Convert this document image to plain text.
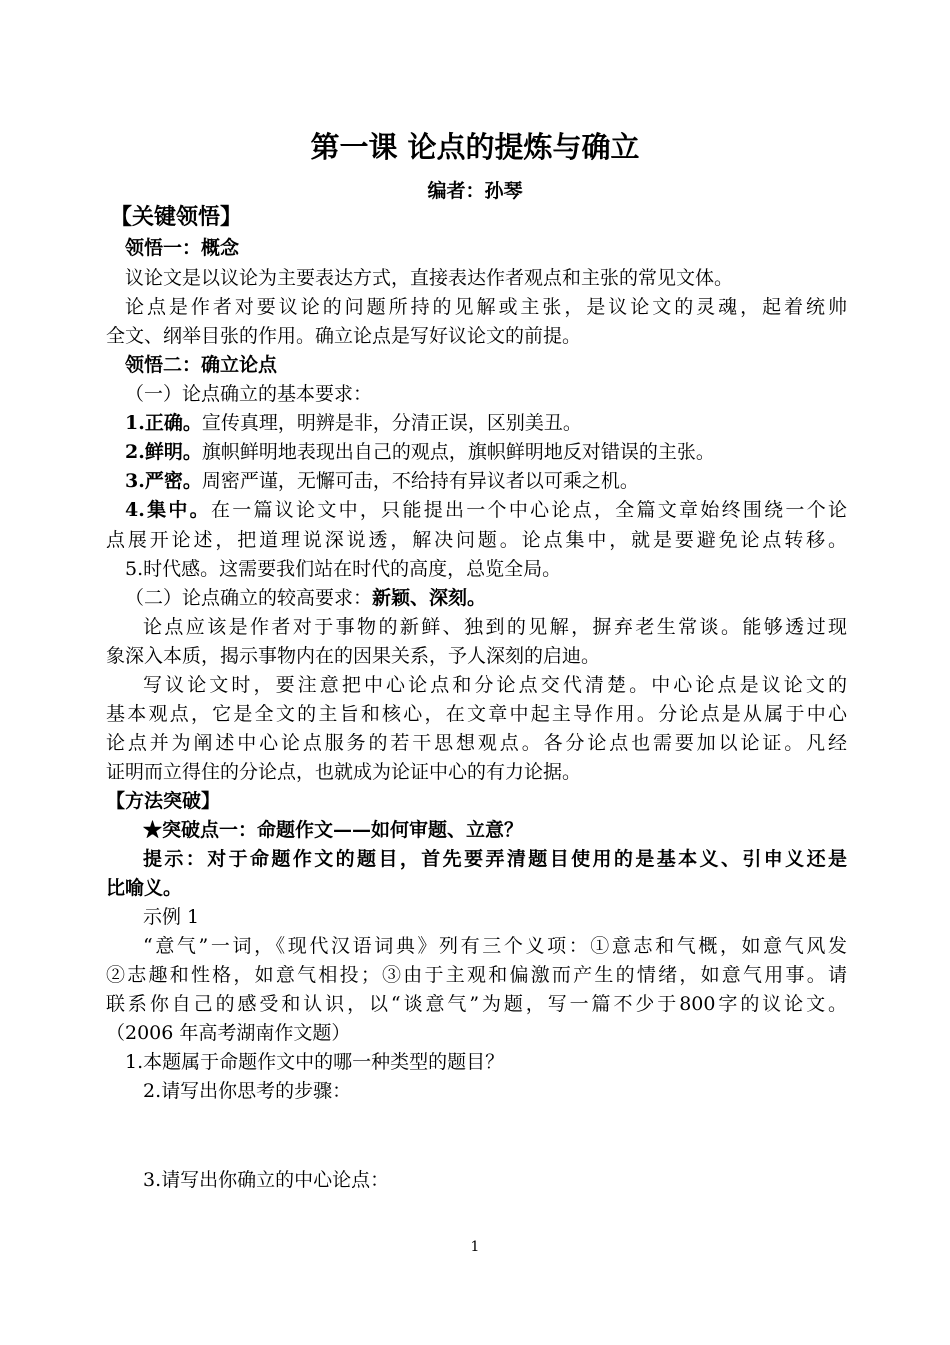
第一课 论点的提炼与确立
编者：孙琴
【关键领悟】
领悟一：概念
议论文是以议论为主要表达方式，直接表达作者观点和主张的常见文体。
论点是作者对要议论的问题所持的见解或主张，是议论文的灵魂，起着统帅
全文、纲举目张的作用。确立论点是写好议论文的前提。
领悟二：确立论点
（一）论点确立的基本要求：
1.正确。宣传真理，明辨是非，分清正误，区别美丑。
2.鲜明。旗帜鲜明地表现出自己的观点，旗帜鲜明地反对错误的主张。
3.严密。周密严谨，无懈可击，不给持有异议者以可乘之机。
4.集中。在一篇议论文中，只能提出一个中心论点，全篇文章始终围绕一个论
点展开论述，把道理说深说透，解决问题。论点集中，就是要避免论点转移。
5.时代感。这需要我们站在时代的高度，总览全局。
（二）论点确立的较高要求：新颖、深刻。
论点应该是作者对于事物的新鲜、独到的见解，摒弃老生常谈。能够透过现
象深入本质，揭示事物内在的因果关系，予人深刻的启迪。
写议论文时，要注意把中心论点和分论点交代清楚。中心论点是议论文的
基本观点，它是全文的主旨和核心，在文章中起主导作用。分论点是从属于中心
论点并为阐述中心论点服务的若干思想观点。各分论点也需要加以论证。凡经
证明而立得住的分论点，也就成为论证中心的有力论据。
【方法突破】
★突破点一：命题作文——如何审题、立意？
提示：对于命题作文的题目，首先要弄清题目使用的是基本义、引申义还是
比喻义。
示例 1
“意气”一词，《现代汉语词典》列有三个义项：①意志和气概，如意气风发
②志趣和性格，如意气相投；③由于主观和偏激而产生的情绪，如意气用事。请
联系你自己的感受和认识，以“谈意气”为题，写一篇不少于800字的议论文。
（2006 年高考湖南作文题）
1.本题属于命题作文中的哪一种类型的题目？
2.请写出你思考的步骤：
3.请写出你确立的中心论点：
1
